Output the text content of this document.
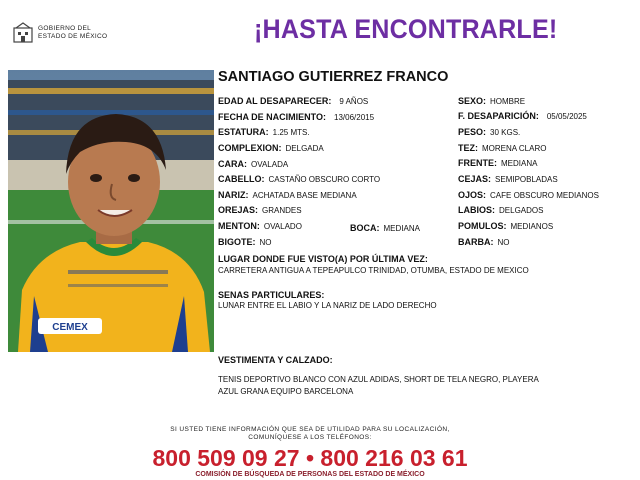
GOBIERNO DEL
ESTADO DE MÉXICO	¡HASTA ENCONTRARLE!
CEMEX
SANTIAGO GUTIERREZ FRANCO
EDAD AL DESAPARECER: 9 AÑOS
FECHA DE NACIMIENTO: 13/06/2015
ESTATURA: 1.25 MTS.
COMPLEXION: DELGADA
CARA: OVALADA
CABELLO: CASTAÑO OBSCURO CORTO
NARIZ: ACHATADA BASE MEDIANA
OREJAS: GRANDES
MENTON: OVALADO
BIGOTE: NO
BOCA: MEDIANA
SEXO: HOMBRE
F. DESAPARICIÓN: 05/05/2025
PESO: 30 KGS.
TEZ: MORENA CLARO
FRENTE: MEDIANA
CEJAS: SEMIPOBLADAS
OJOS: CAFE OBSCURO MEDIANOS
LABIOS: DELGADOS
POMULOS: MEDIANOS
BARBA: NO
LUGAR DONDE FUE VISTO(A) POR ÚLTIMA VEZ:
CARRETERA ANTIGUA A TEPEAPULCO TRINIDAD, OTUMBA, ESTADO DE MEXICO
SENAS PARTICULARES:
LUNAR ENTRE EL LABIO Y LA NARIZ DE LADO DERECHO
VESTIMENTA Y CALZADO:
TENIS DEPORTIVO BLANCO CON AZUL ADIDAS, SHORT DE TELA NEGRO, PLAYERA
AZUL GRANA EQUIPO BARCELONA
SI USTED TIENE INFORMACIÓN QUE SEA DE UTILIDAD PARA SU LOCALIZACIÓN,
COMUNÍQUESE A LOS TELÉFONOS:
800 509 09 27 • 800 216 03 61
COMISIÓN DE BÚSQUEDA DE PERSONAS DEL ESTADO DE MÉXICO
